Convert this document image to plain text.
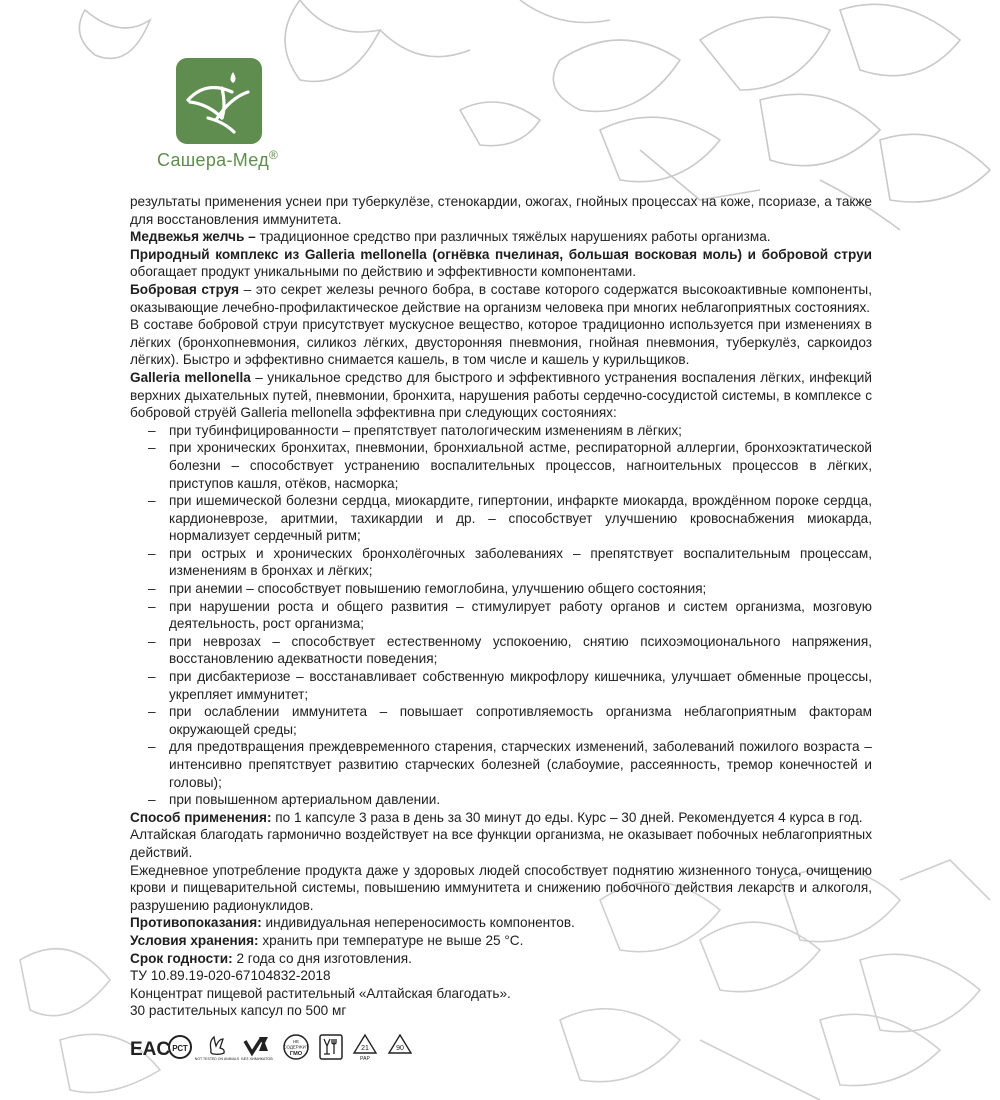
Сашера-Мед®

результаты применения уснеи при туберкулёзе, стенокардии, ожогах, гнойных процессах на коже, псориазе, а также для восстановления иммунитета.

Медвежья желчь – традиционное средство при различных тяжёлых нарушениях работы организма.

Природный комплекс из Galleria mellonella (огнёвка пчелиная, большая восковая моль) и бобровой струи обогащает продукт уникальными по действию и эффективности компонентами.

Бобровая струя – это секрет железы речного бобра, в составе которого содержатся высокоактивные компоненты, оказывающие лечебно-профилактическое действие на организм человека при многих неблагоприятных состояниях.

В составе бобровой струи присутствует мускусное вещество, которое традиционно используется при изменениях в лёгких (бронхопневмония, силикоз лёгких, двусторонняя пневмония, гнойная пневмония, туберкулёз, саркоидоз лёгких). Быстро и эффективно снимается кашель, в том числе и кашель у курильщиков.

Galleria mellonella – уникальное средство для быстрого и эффективного устранения воспаления лёгких, инфекций верхних дыхательных путей, пневмонии, бронхита, нарушения работы сердечно-сосудистой системы, в комплексе с бобровой струёй Galleria mellonella эффективна при следующих состояниях:

– при тубинфицированности – препятствует патологическим изменениям в лёгких;
– при хронических бронхитах, пневмонии, бронхиальной астме, респираторной аллергии, бронхоэктатической болезни – способствует устранению воспалительных процессов, нагноительных процессов в лёгких, приступов кашля, отёков, насморка;
– при ишемической болезни сердца, миокардите, гипертонии, инфаркте миокарда, врождённом пороке сердца, кардионеврозе, аритмии, тахикардии и др. – способствует улучшению кровоснабжения миокарда, нормализует сердечный ритм;
– при острых и хронических бронхолёгочных заболеваниях – препятствует воспалительным процессам, изменениям в бронхах и лёгких;
– при анемии – способствует повышению гемоглобина, улучшению общего состояния;
– при нарушении роста и общего развития – стимулирует работу органов и систем организма, мозговую деятельность, рост организма;
– при неврозах – способствует естественному успокоению, снятию психоэмоционального напряжения, восстановлению адекватности поведения;
– при дисбактериозе – восстанавливает собственную микрофлору кишечника, улучшает обменные процессы, укрепляет иммунитет;
– при ослаблении иммунитета – повышает сопротивляемость организма неблагоприятным факторам окружающей среды;
– для предотвращения преждевременного старения, старческих изменений, заболеваний пожилого возраста – интенсивно препятствует развитию старческих болезней (слабоумие, рассеянность, тремор конечностей и головы);
– при повышенном артериальном давлении.

Способ применения: по 1 капсуле 3 раза в день за 30 минут до еды. Курс – 30 дней. Рекомендуется 4 курса в год.

Алтайская благодать гармонично воздействует на все функции организма, не оказывает побочных неблагоприятных действий.

Ежедневное употребление продукта даже у здоровых людей способствует поднятию жизненного тонуса, очищению крови и пищеварительной системы, повышению иммунитета и снижению побочного действия лекарств и алкоголя, разрушению радионуклидов.

Противопоказания: индивидуальная непереносимость компонентов.

Условия хранения: хранить при температуре не выше 25 °С.

Срок годности: 2 года со дня изготовления.

ТУ 10.89.19-020-67104832-2018

Концентрат пищевой растительный «Алтайская благодать».

30 растительных капсул по 500 мг

EAC РСТ
NOT TESTED ON ANIMALS БЕЗ ХИМИКАТОВ
НЕ
СОДЕРЖИТ
ГМО
21
PAP
90
